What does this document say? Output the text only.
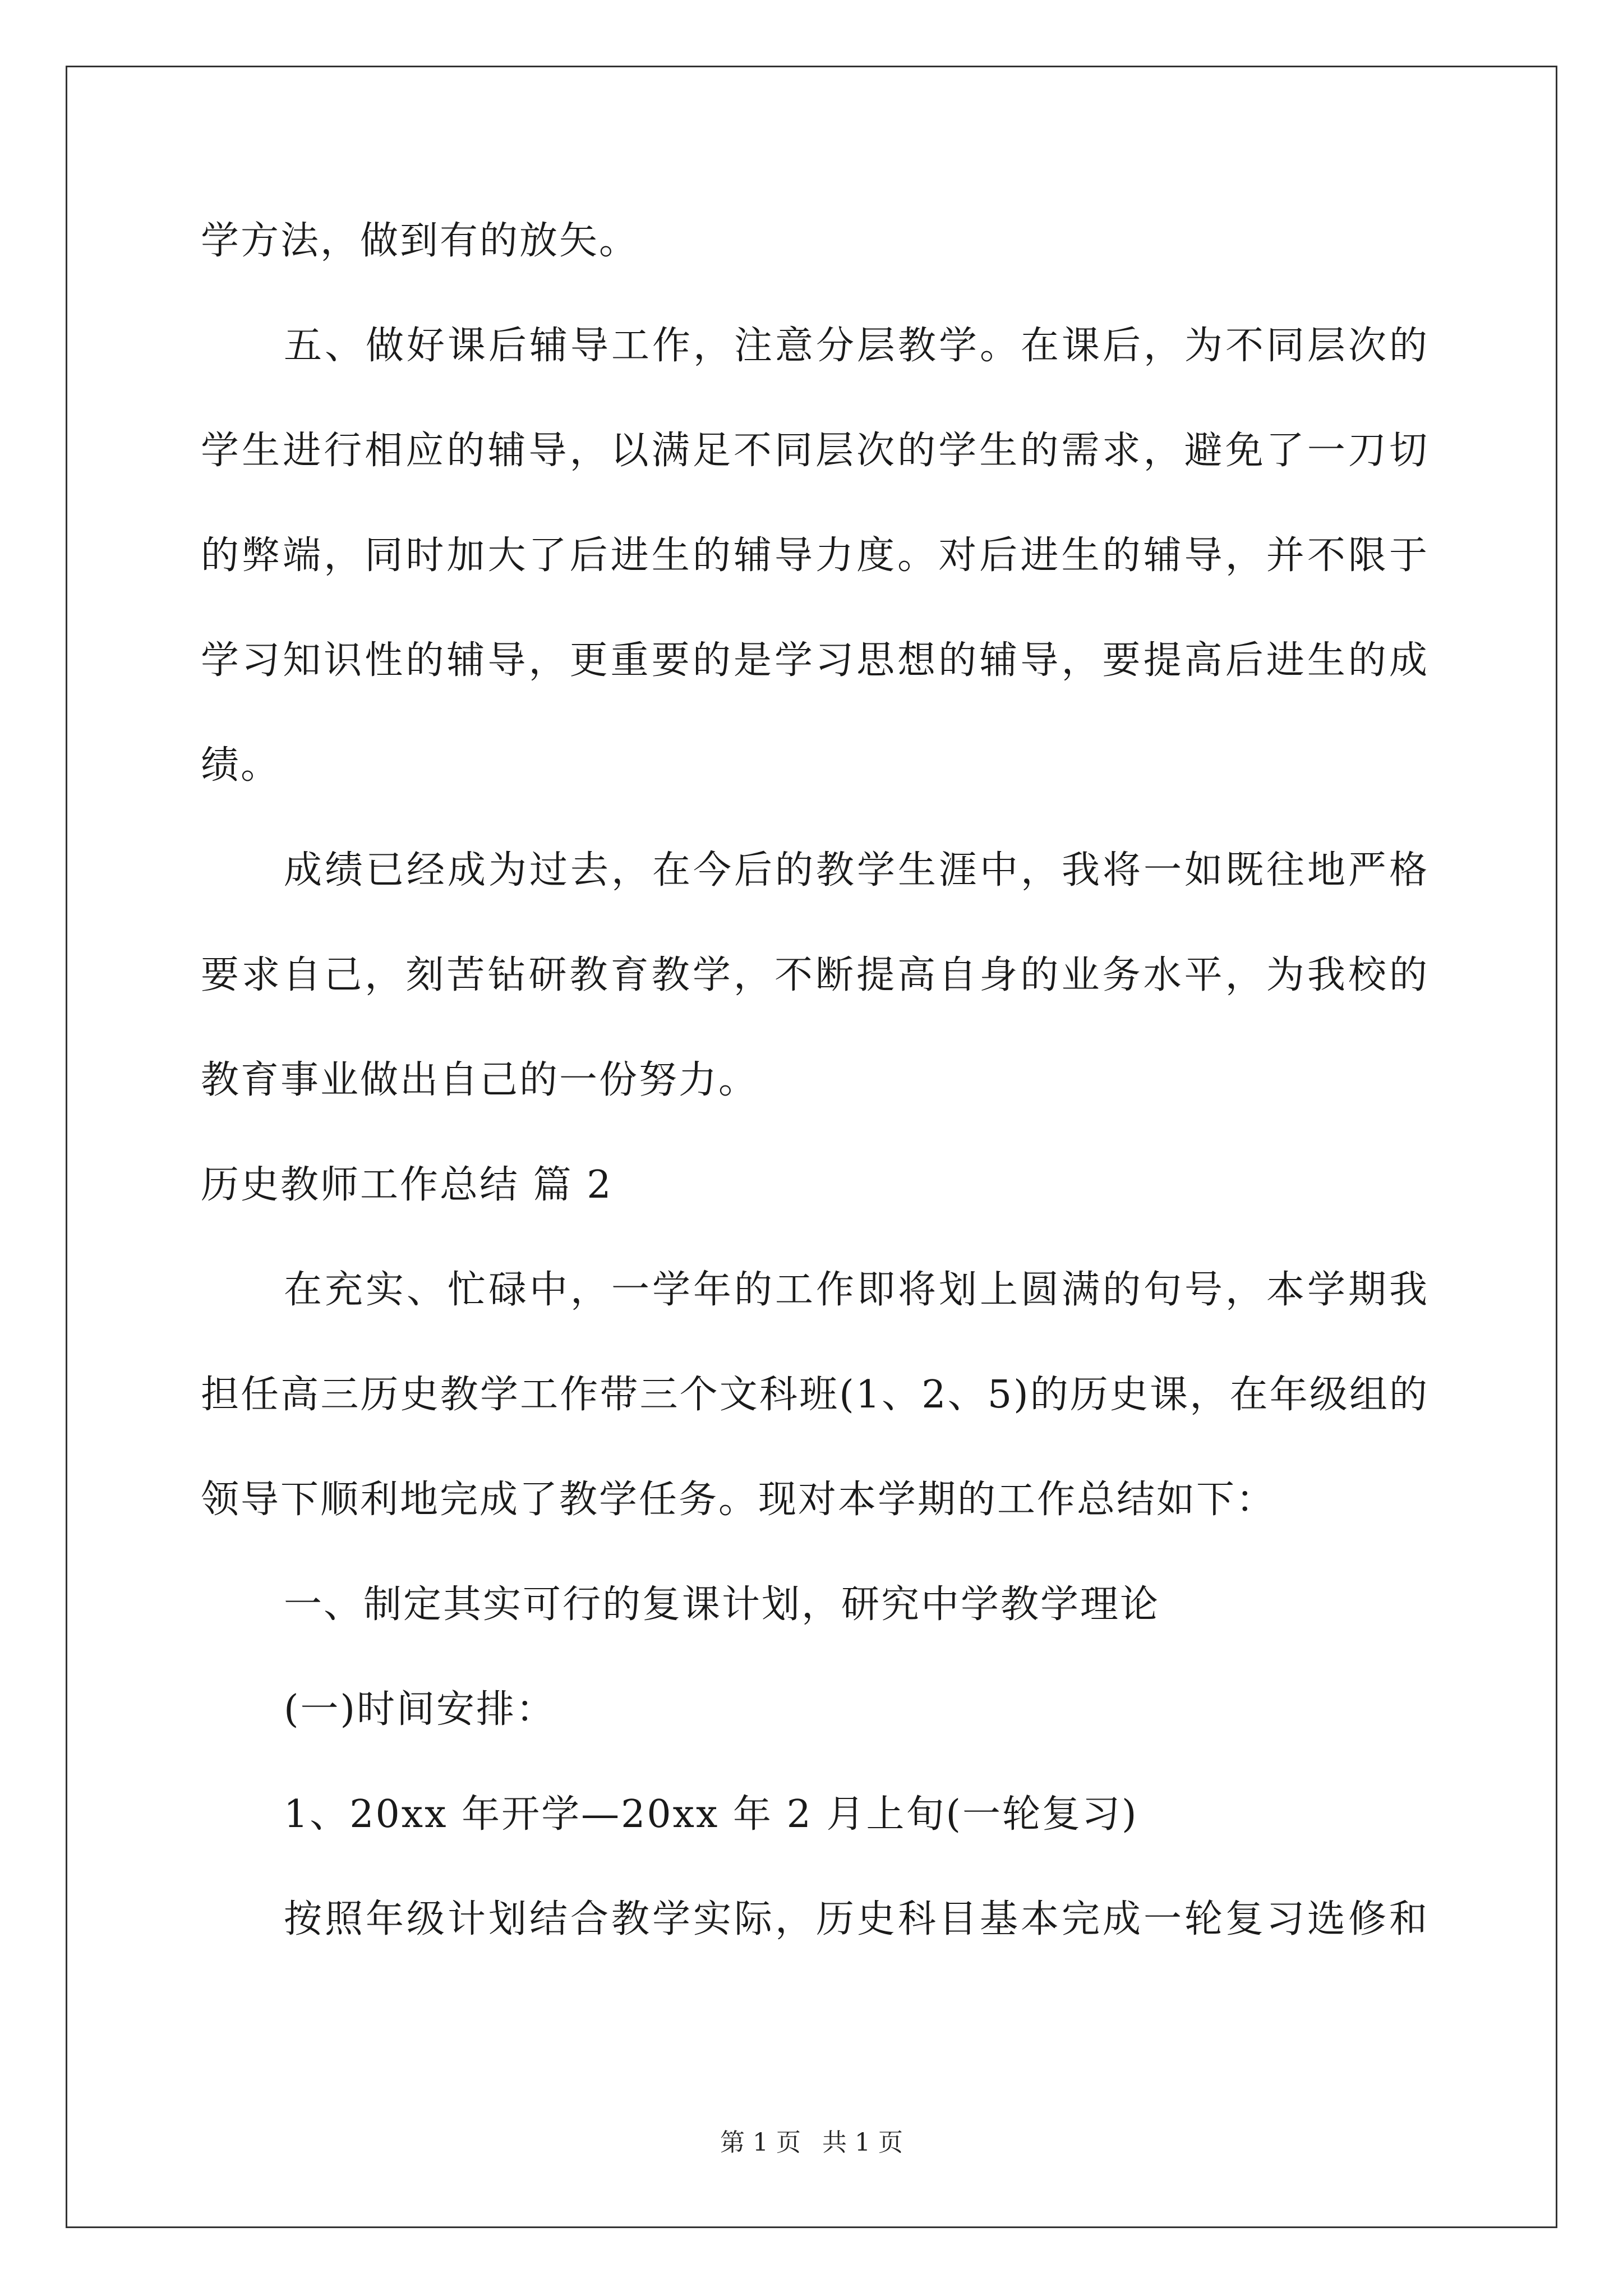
学方法，做到有的放矢。
五、做好课后辅导工作，注意分层教学。在课后，为不同层次的
学生进行相应的辅导，以满足不同层次的学生的需求，避免了一刀切
的弊端，同时加大了后进生的辅导力度。对后进生的辅导，并不限于
学习知识性的辅导，更重要的是学习思想的辅导，要提高后进生的成
绩。
成绩已经成为过去，在今后的教学生涯中，我将一如既往地严格
要求自己，刻苦钻研教育教学，不断提高自身的业务水平，为我校的
教育事业做出自己的一份努力。
历史教师工作总结 篇 2
在充实、忙碌中，一学年的工作即将划上圆满的句号，本学期我
担任高三历史教学工作带三个文科班(1、2、5)的历史课，在年级组的
领导下顺利地完成了教学任务。现对本学期的工作总结如下：
一、制定其实可行的复课计划，研究中学教学理论
(一)时间安排：
1、20xx 年开学—20xx 年 2 月上旬(一轮复习)
按照年级计划结合教学实际，历史科目基本完成一轮复习选修和
第 1 页 共 1 页
